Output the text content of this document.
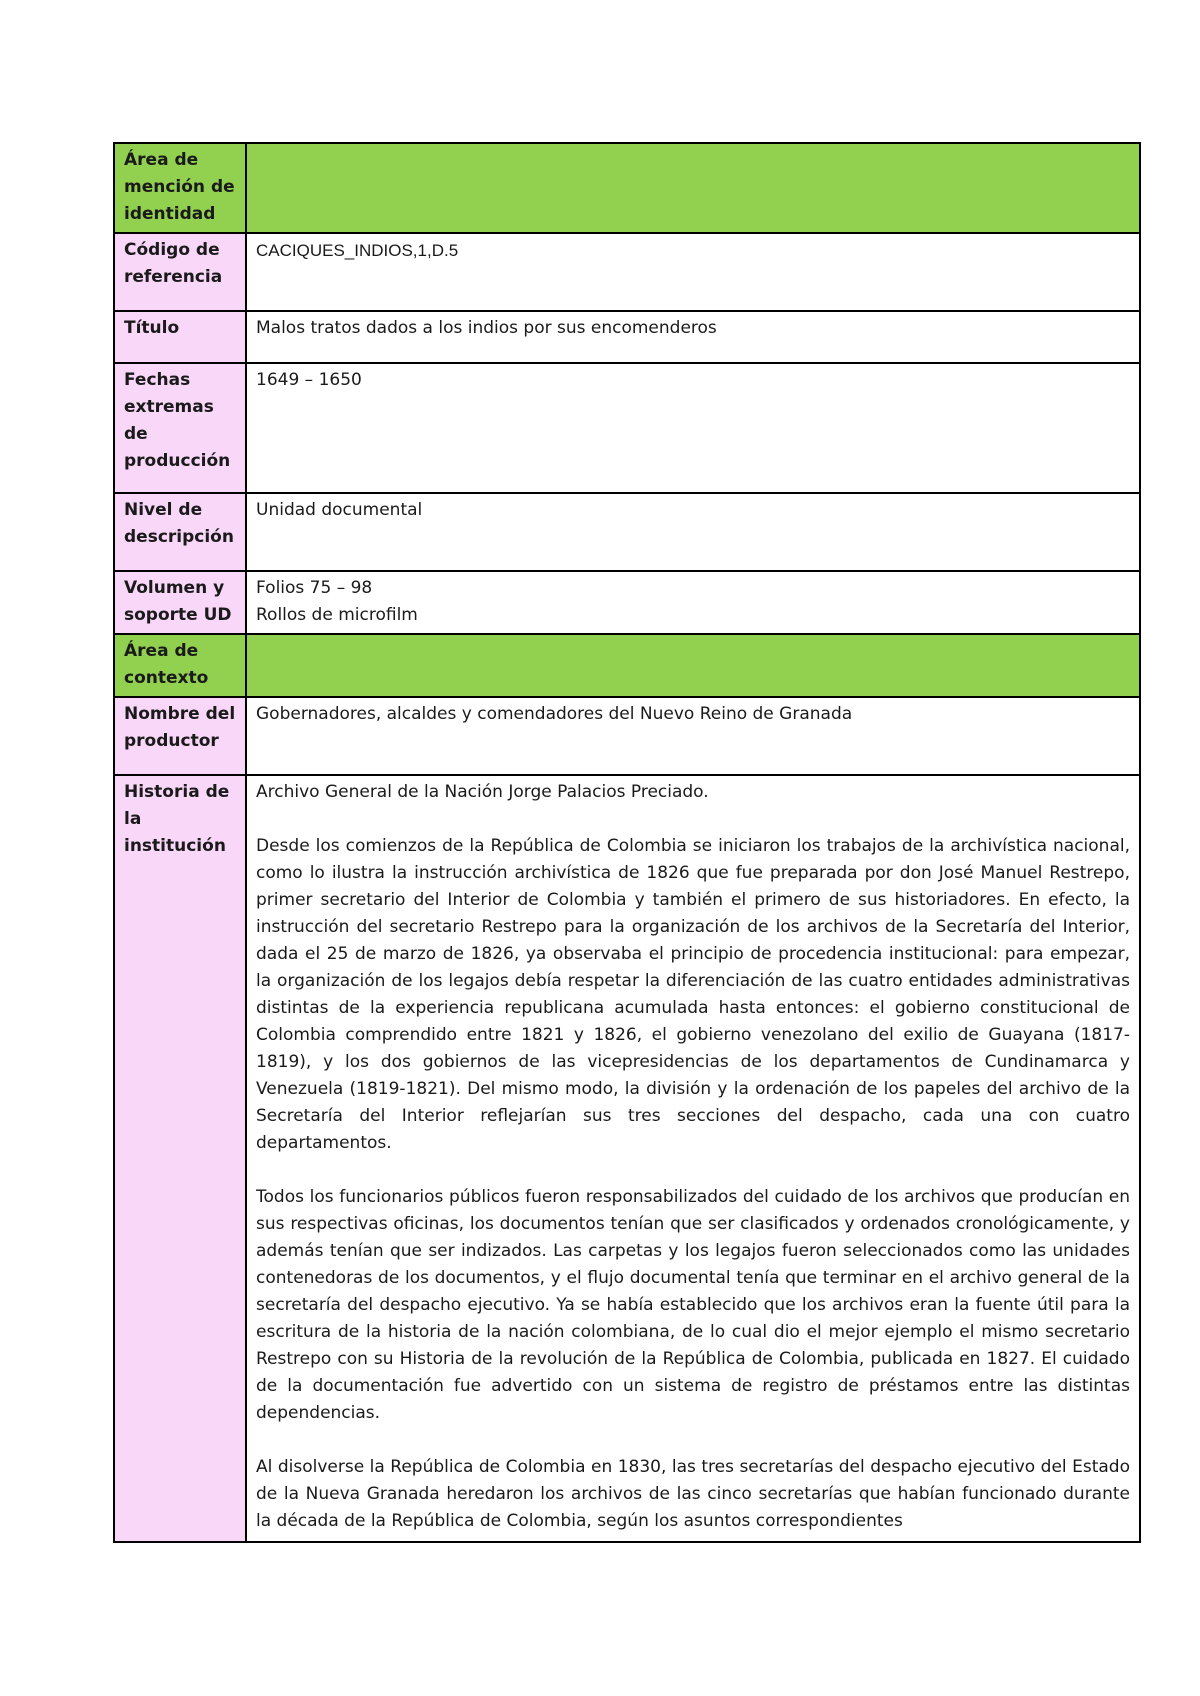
Área de mención de identidad	
Código de referencia	CACIQUES_INDIOS,1,D.5
Título	Malos tratos dados a los indios por sus encomenderos
Fechas extremas de producción	1649 – 1650
Nivel de descripción	Unidad documental
Volumen y soporte UD	Folios 75 – 98
Rollos de microfilm

Área de contexto	
Nombre del productor	Gobernadores, alcaldes y comendadores del Nuevo Reino de Granada
Historia de la institución	Archivo General de la Nación Jorge Palacios Preciado.

Desde los comienzos de la República de Colombia se iniciaron los trabajos de la archivística nacional, como lo ilustra la instrucción archivística de 1826 que fue preparada por don José Manuel Restrepo, primer secretario del Interior de Colombia y también el primero de sus historiadores. En efecto, la instrucción del secretario Restrepo para la organización de los archivos de la Secretaría del Interior, dada el 25 de marzo de 1826, ya observaba el principio de procedencia institucional: para empezar, la organización de los legajos debía respetar la diferenciación de las cuatro entidades administrativas distintas de la experiencia republicana acumulada hasta entonces: el gobierno constitucional de Colombia comprendido entre 1821 y 1826, el gobierno venezolano del exilio de Guayana (1817-1819), y los dos gobiernos de las vicepresidencias de los departamentos de Cundinamarca y Venezuela (1819-1821). Del mismo modo, la división y la ordenación de los papeles del archivo de la Secretaría del Interior reflejarían sus tres secciones del despacho, cada una con cuatro departamentos.

Todos los funcionarios públicos fueron responsabilizados del cuidado de los archivos que producían en sus respectivas oficinas, los documentos tenían que ser clasificados y ordenados cronológicamente, y además tenían que ser indizados. Las carpetas y los legajos fueron seleccionados como las unidades contenedoras de los documentos, y el flujo documental tenía que terminar en el archivo general de la secretaría del despacho ejecutivo. Ya se había establecido que los archivos eran la fuente útil para la escritura de la historia de la nación colombiana, de lo cual dio el mejor ejemplo el mismo secretario Restrepo con su Historia de la revolución de la República de Colombia, publicada en 1827. El cuidado de la documentación fue advertido con un sistema de registro de préstamos entre las distintas dependencias.

Al disolverse la República de Colombia en 1830, las tres secretarías del despacho ejecutivo del Estado de la Nueva Granada heredaron los archivos de las cinco secretarías que habían funcionado durante la década de la República de Colombia, según los asuntos correspondientes
